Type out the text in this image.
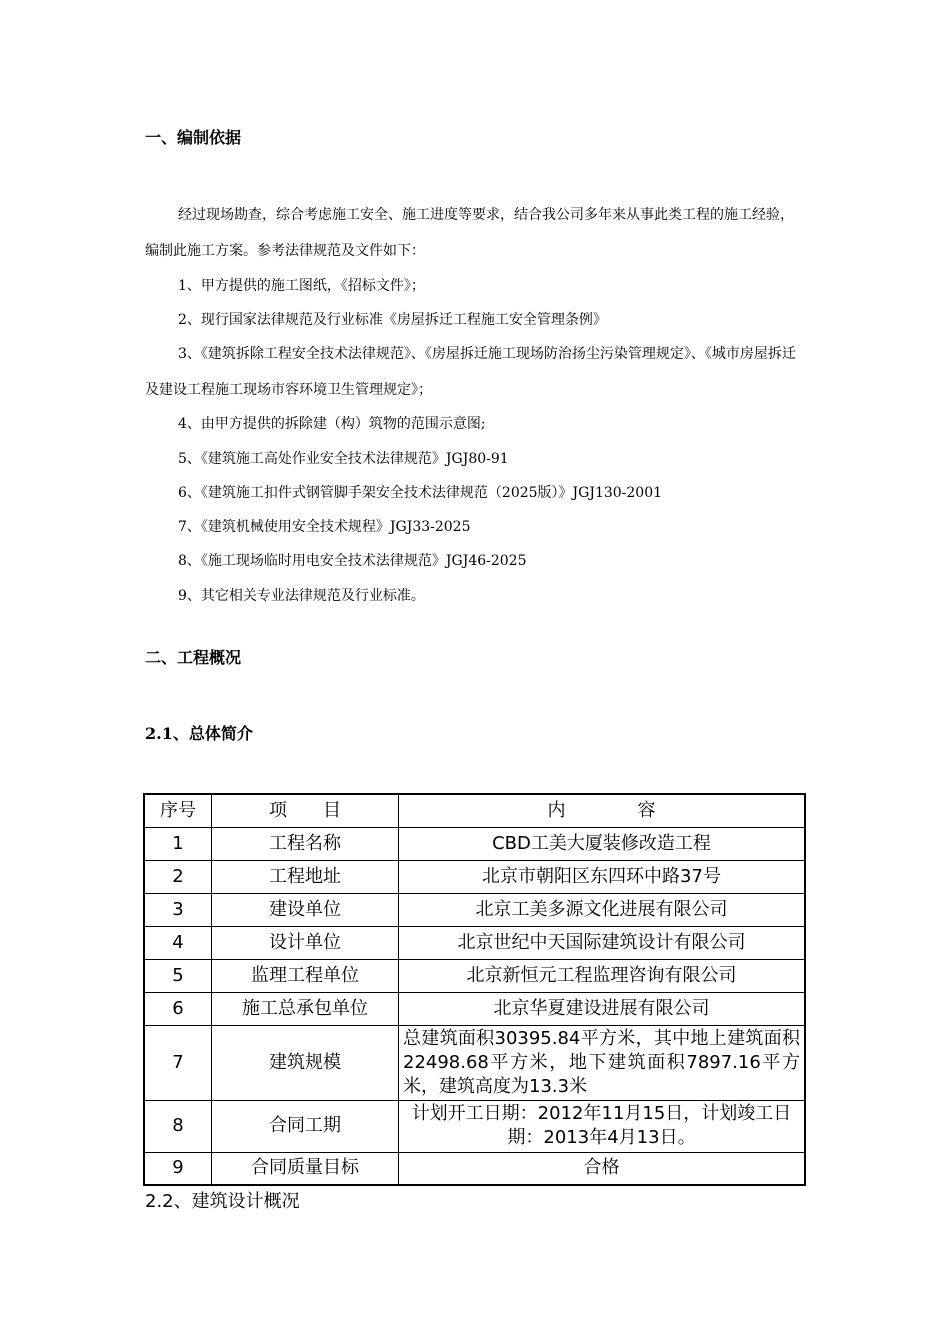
一、编制依据
经过现场勘查，综合考虑施工安全、施工进度等要求，结合我公司多年来从事此类工程的施工经验，编制此施工方案。参考法律规范及文件如下：
1、甲方提供的施工图纸，《招标文件》；
2、现行国家法律规范及行业标准《房屋拆迁工程施工安全管理条例》
3、《建筑拆除工程安全技术法律规范》、《房屋拆迁施工现场防治扬尘污染管理规定》、《城市房屋拆迁及建设工程施工现场市容环境卫生管理规定》；
4、由甲方提供的拆除建（构）筑物的范围示意图;
5、《建筑施工高处作业安全技术法律规范》JGJ80-91
6、《建筑施工扣件式钢管脚手架安全技术法律规范（2025版）》JGJ130-2001
7、《建筑机械使用安全技术规程》JGJ33-2025
8、《施工现场临时用电安全技术法律规范》JGJ46-2025
9、其它相关专业法律规范及行业标准。
二、工程概况
2.1、总体简介
序号	项　　目	内　　　　容
1	工程名称	CBD工美大厦装修改造工程
2	工程地址	北京市朝阳区东四环中路37号
3	建设单位	北京工美多源文化进展有限公司
4	设计单位	北京世纪中天国际建筑设计有限公司
5	监理工程单位	北京新恒元工程监理咨询有限公司
6	施工总承包单位	北京华夏建设进展有限公司
7	建筑规模	总建筑面积30395.84平方米，其中地上建筑面积22498.68平方米，地下建筑面积7897.16平方米，建筑高度为13.3米
8	合同工期	计划开工日期：2012年11月15日，计划竣工日期：2013年4月13日。
9	合同质量目标	合格
2.2、建筑设计概况
